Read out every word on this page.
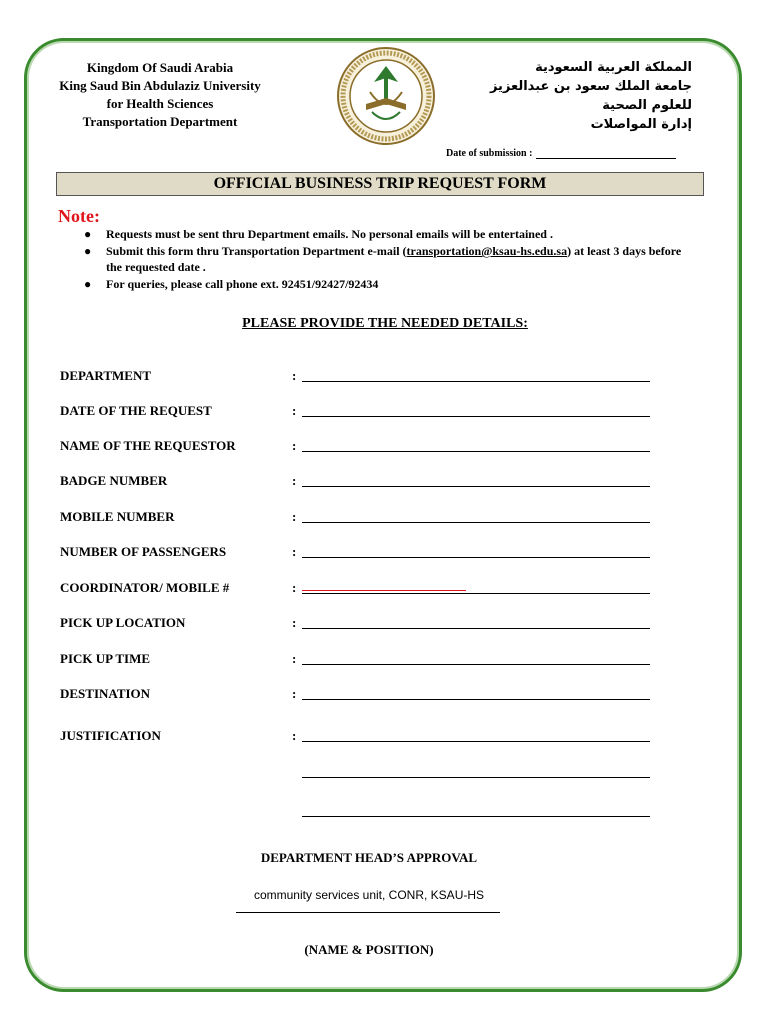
Kingdom Of Saudi Arabia
King Saud Bin Abdulaziz University
for Health Sciences
Transportation Department
المملكة العربية السعودية
جامعة الملك سعود بن عبدالعزيز
للعلوم الصحية
إدارة المواصلات
Date of submission :
OFFICIAL BUSINESS TRIP REQUEST FORM
Note:
● Requests must be sent thru Department emails. No personal emails will be entertained .
● Submit this form thru Transportation Department e-mail (transportation@ksau-hs.edu.sa) at least 3 days before the requested date .
● For queries, please call phone ext. 92451/92427/92434
PLEASE PROVIDE THE NEEDED DETAILS:
DEPARTMENT	:
DATE OF THE REQUEST	:
NAME OF THE REQUESTOR	:
BADGE NUMBER	:
MOBILE NUMBER	:
NUMBER OF PASSENGERS	:
COORDINATOR/ MOBILE #	:
PICK UP LOCATION	:
PICK UP TIME	:
DESTINATION	:
JUSTIFICATION	:
DEPARTMENT HEAD’S APPROVAL
community services unit, CONR, KSAU-HS
(NAME & POSITION)
